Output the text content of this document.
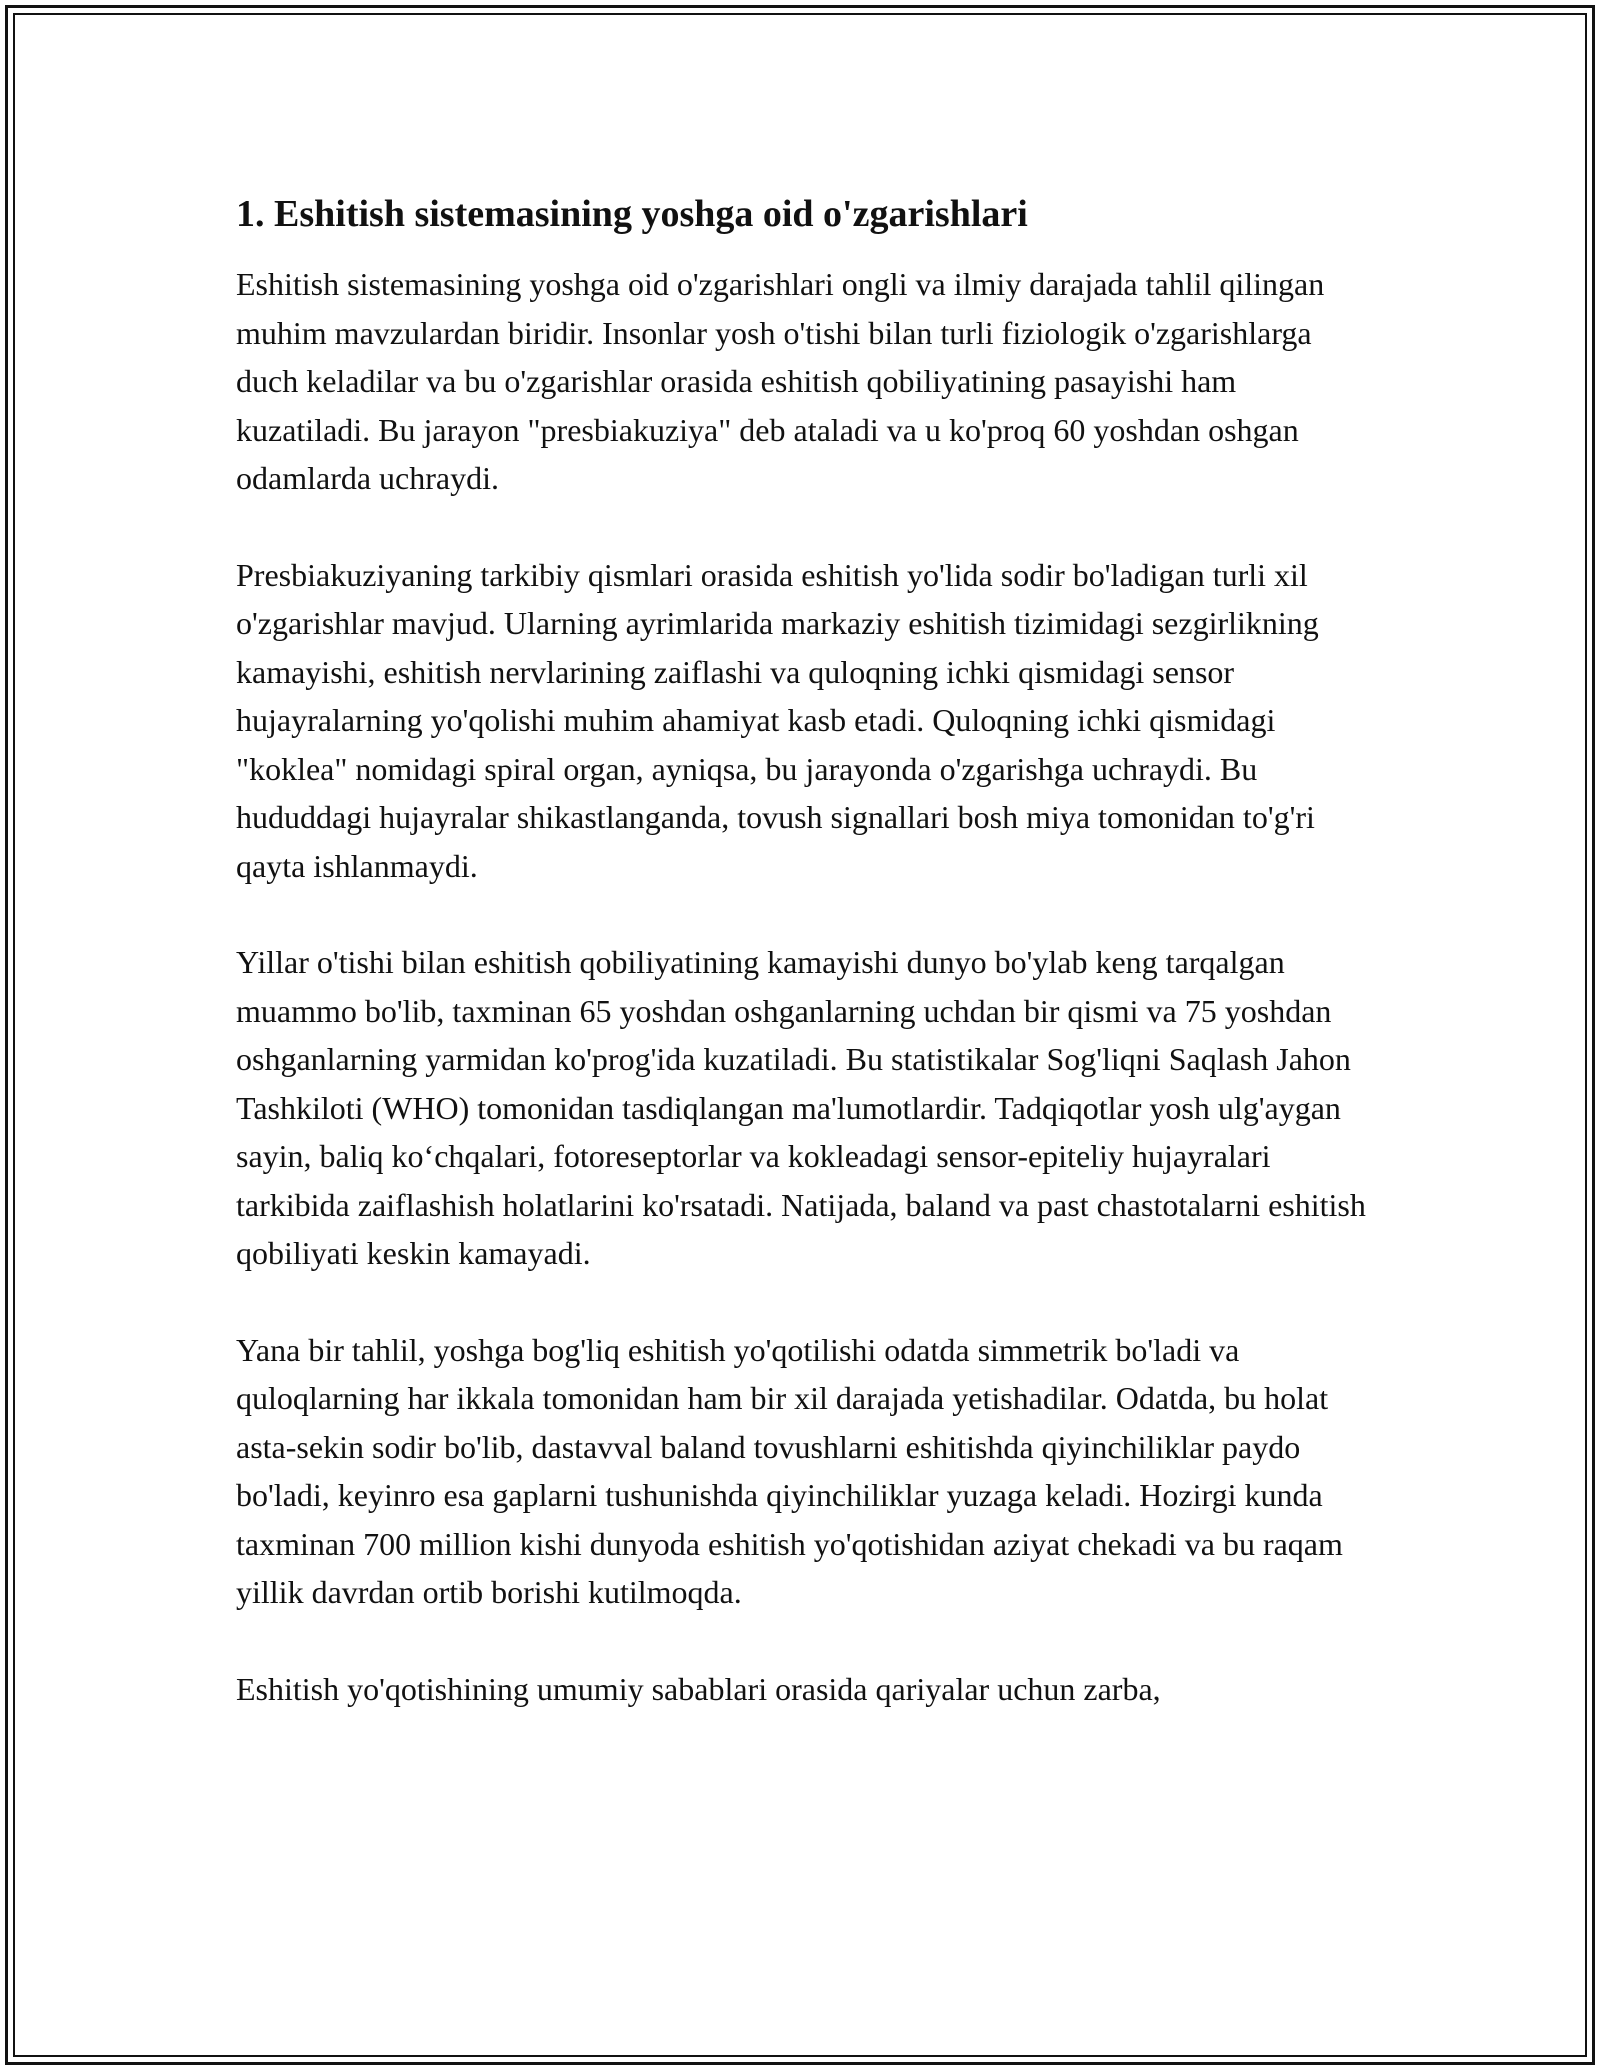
1. Eshitish sistemasining yoshga oid o'zgarishlari

Eshitish sistemasining yoshga oid o'zgarishlari ongli va ilmiy darajada tahlil qilingan muhim mavzulardan biridir. Insonlar yosh o'tishi bilan turli fiziologik o'zgarishlarga duch keladilar va bu o'zgarishlar orasida eshitish qobiliyatining pasayishi ham kuzatiladi. Bu jarayon "presbiakuziya" deb ataladi va u ko'proq 60 yoshdan oshgan odamlarda uchraydi.

Presbiakuziyaning tarkibiy qismlari orasida eshitish yo'lida sodir bo'ladigan turli xil o'zgarishlar mavjud. Ularning ayrimlarida markaziy eshitish tizimidagi sezgirlikning kamayishi, eshitish nervlarining zaiflashi va quloqning ichki qismidagi sensor hujayralarning yo'qolishi muhim ahamiyat kasb etadi. Quloqning ichki qismidagi "koklea" nomidagi spiral organ, ayniqsa, bu jarayonda o'zgarishga uchraydi. Bu hududdagi hujayralar shikastlanganda, tovush signallari bosh miya tomonidan to'g'ri qayta ishlanmaydi.

Yillar o'tishi bilan eshitish qobiliyatining kamayishi dunyo bo'ylab keng tarqalgan muammo bo'lib, taxminan 65 yoshdan oshganlarning uchdan bir qismi va 75 yoshdan oshganlarning yarmidan ko'prog'ida kuzatiladi. Bu statistikalar Sog'liqni Saqlash Jahon Tashkiloti (WHO) tomonidan tasdiqlangan ma'lumotlardir. Tadqiqotlar yosh ulg'aygan sayin, baliq ko‘chqalari, fotoreseptorlar va kokleadagi sensor-epiteliy hujayralari tarkibida zaiflashish holatlarini ko'rsatadi. Natijada, baland va past chastotalarni eshitish qobiliyati keskin kamayadi.

Yana bir tahlil, yoshga bog'liq eshitish yo'qotilishi odatda simmetrik bo'ladi va quloqlarning har ikkala tomonidan ham bir xil darajada yetishadilar. Odatda, bu holat asta-sekin sodir bo'lib, dastavval baland tovushlarni eshitishda qiyinchiliklar paydo bo'ladi, keyinro esa gaplarni tushunishda qiyinchiliklar yuzaga keladi. Hozirgi kunda taxminan 700 million kishi dunyoda eshitish yo'qotishidan aziyat chekadi va bu raqam yillik davrdan ortib borishi kutilmoqda.

Eshitish yo'qotishining umumiy sabablari orasida qariyalar uchun zarba,
